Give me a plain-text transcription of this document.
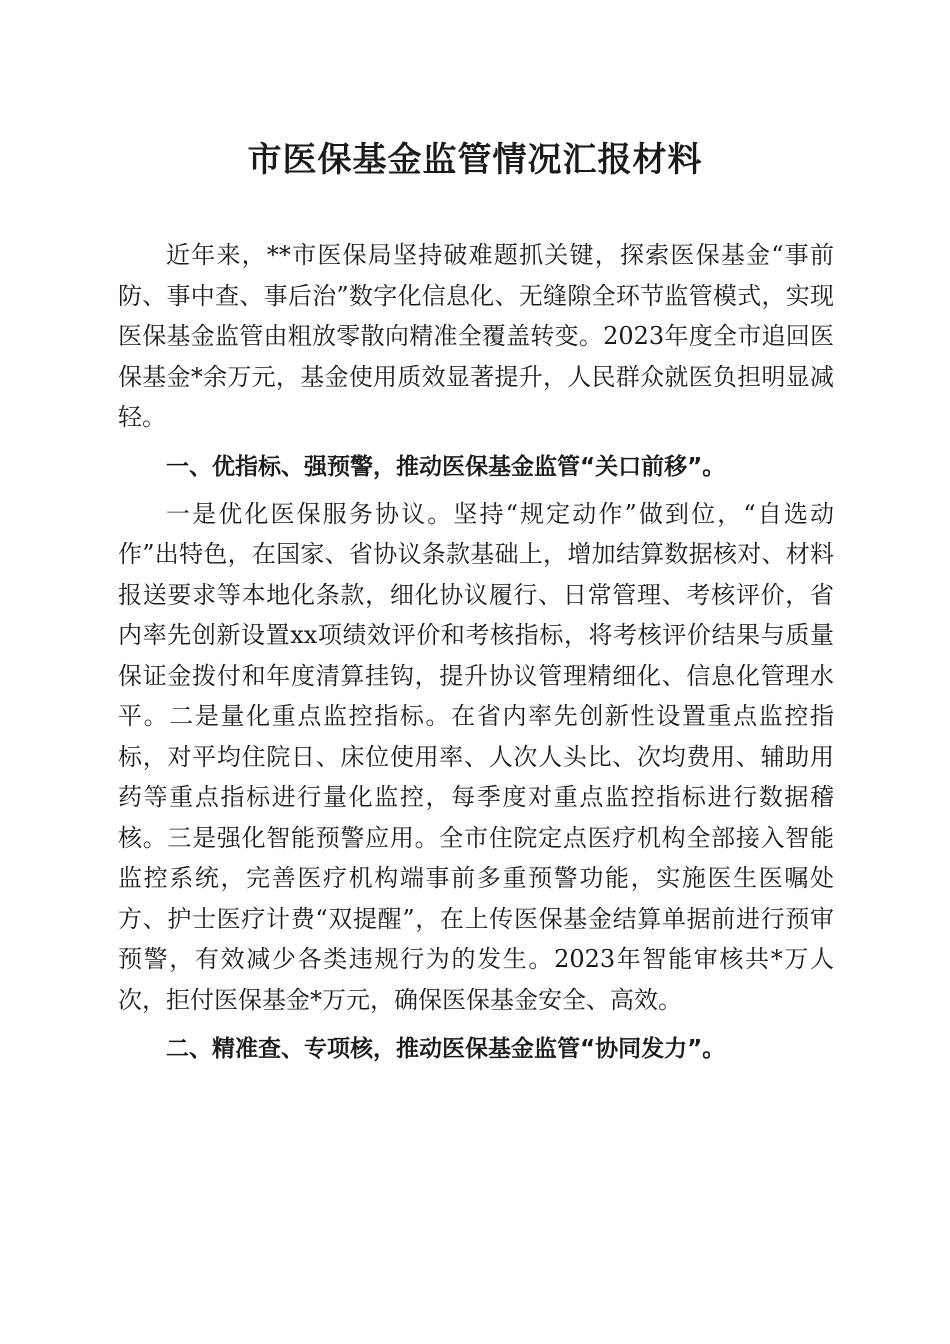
市医保基金监管情况汇报材料

近年来，**市医保局坚持破难题抓关键，探索医保基金“事前防、事中查、事后治”数字化信息化、无缝隙全环节监管模式，实现医保基金监管由粗放零散向精准全覆盖转变。2023年度全市追回医保基金*余万元，基金使用质效显著提升，人民群众就医负担明显减轻。

一、优指标、强预警，推动医保基金监管“关口前移”。

一是优化医保服务协议。坚持“规定动作”做到位，“自选动作”出特色，在国家、省协议条款基础上，增加结算数据核对、材料报送要求等本地化条款，细化协议履行、日常管理、考核评价，省内率先创新设置xx项绩效评价和考核指标，将考核评价结果与质量保证金拨付和年度清算挂钩，提升协议管理精细化、信息化管理水平。二是量化重点监控指标。在省内率先创新性设置重点监控指标，对平均住院日、床位使用率、人次人头比、次均费用、辅助用药等重点指标进行量化监控，每季度对重点监控指标进行数据稽核。三是强化智能预警应用。全市住院定点医疗机构全部接入智能监控系统，完善医疗机构端事前多重预警功能，实施医生医嘱处方、护士医疗计费“双提醒”，在上传医保基金结算单据前进行预审预警，有效减少各类违规行为的发生。2023年智能审核共*万人次，拒付医保基金*万元，确保医保基金安全、高效。

二、精准查、专项核，推动医保基金监管“协同发力”。
